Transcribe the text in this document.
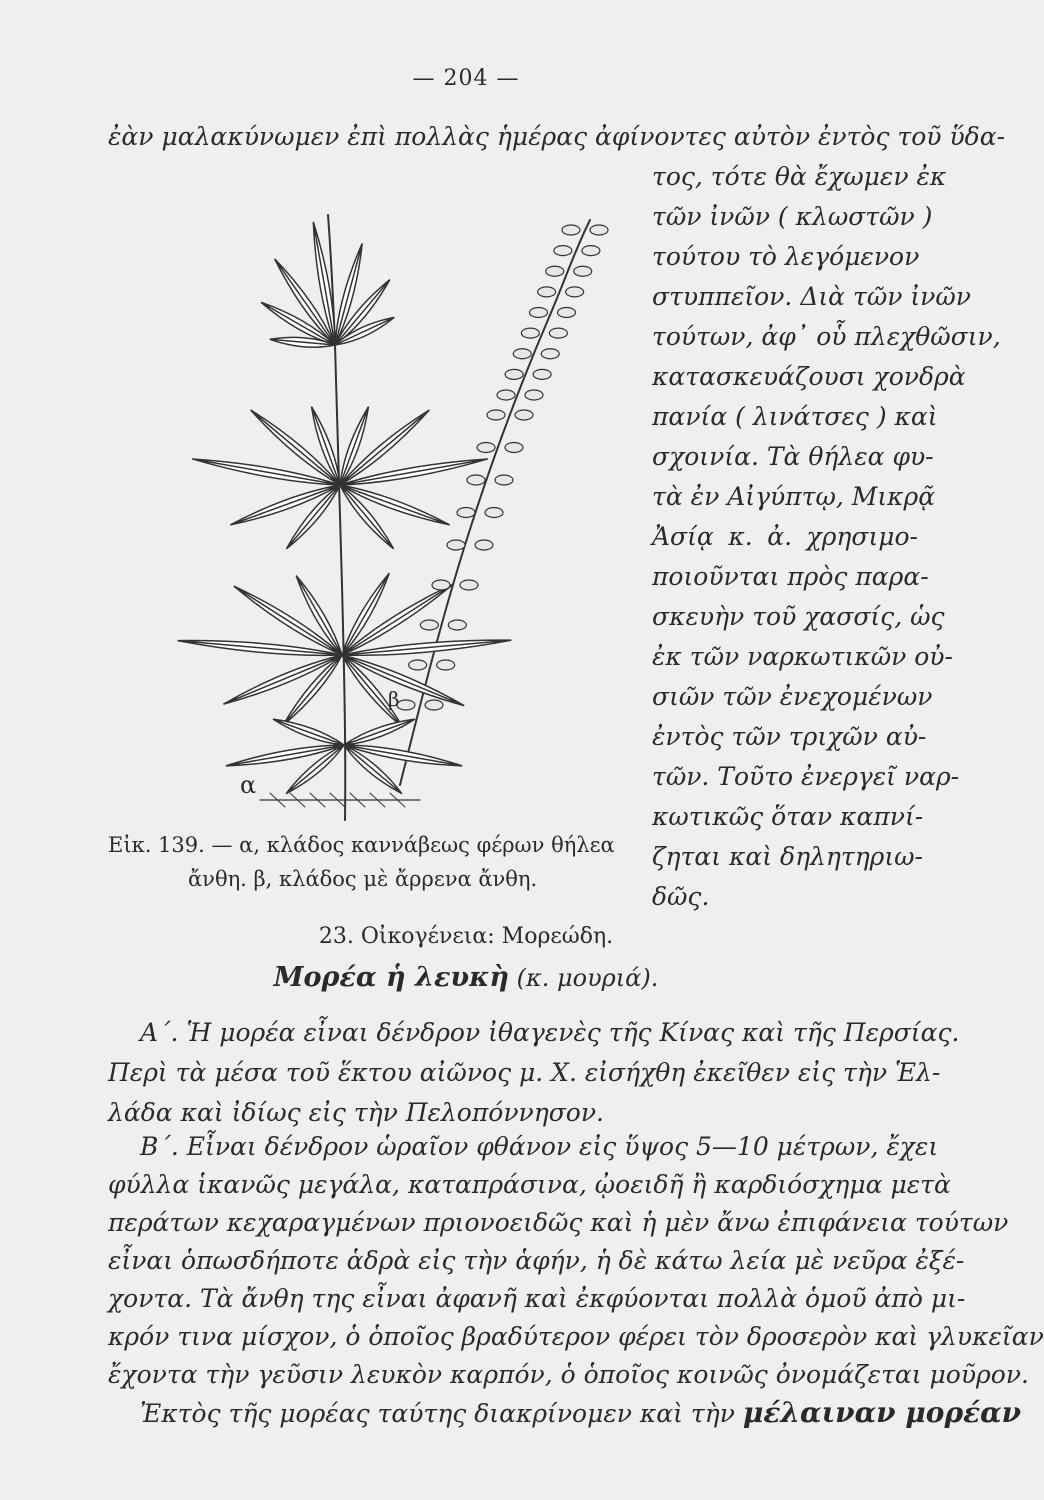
— 204 —
ἐὰν μαλακύνωμεν ἐπὶ πολλὰς ἡμέρας ἀφίνοντες αὐτὸν ἐντὸς τοῦ ὕδα-
τος, τότε θὰ ἔχωμεν ἐκ
τῶν ἰνῶν ( κλωστῶν )
τούτου τὸ λεγόμενον
στυππεῖον. Διὰ τῶν ἰνῶν
τούτων, ἀφ᾽ οὗ πλεχθῶσιν,
κατασκευάζουσι χονδρὰ
πανία ( λινάτσες ) καὶ
σχοινία. Τὰ θήλεα φυ-
τὰ ἐν Αἰγύπτῳ, Μικρᾷ
Ἀσίᾳ κ. ἀ. χρησιμο-
ποιοῦνται πρὸς παρα-
σκευὴν τοῦ χασσίς, ὡς
ἐκ τῶν ναρκωτικῶν οὐ-
σιῶν τῶν ἐνεχομένων
ἐντὸς τῶν τριχῶν αὐ-
τῶν. Τοῦτο ἐνεργεῖ ναρ-
κωτικῶς ὅταν καπνί-
ζηται καὶ δηλητηριω-
δῶς.
α
β
Εἰκ. 139. — α, κλάδος καννάβεως φέρων θήλεα
ἄνθη. β, κλάδος μὲ ἄρρενα ἄνθη.
23. Οἰκογένεια: Μορεώδη.
Μορέα ἡ λευκὴ (κ. μουριά).
Α΄. Ἡ μορέα εἶναι δένδρον ἰθαγενὲς τῆς Κίνας καὶ τῆς Περσίας.
Περὶ τὰ μέσα τοῦ ἕκτου αἰῶνος μ. Χ. εἰσήχθη ἐκεῖθεν εἰς τὴν Ἑλ-
λάδα καὶ ἰδίως εἰς τὴν Πελοπόννησον.
Β΄. Εἶναι δένδρον ὡραῖον φθάνον εἰς ὕψος 5—10 μέτρων, ἔχει
φύλλα ἱκανῶς μεγάλα, καταπράσινα, ᾠοειδῆ ἢ καρδιόσχημα μετὰ
περάτων κεχαραγμένων πριονοειδῶς καὶ ἡ μὲν ἄνω ἐπιφάνεια τούτων
εἶναι ὁπωσδήποτε ἁδρὰ εἰς τὴν ἁφήν, ἡ δὲ κάτω λεία μὲ νεῦρα ἐξέ-
χοντα. Τὰ ἄνθη της εἶναι ἀφανῆ καὶ ἐκφύονται πολλὰ ὁμοῦ ἀπὸ μι-
κρόν τινα μίσχον, ὁ ὁποῖος βραδύτερον φέρει τὸν δροσερὸν καὶ γλυκεῖαν
ἔχοντα τὴν γεῦσιν λευκὸν καρπόν, ὁ ὁποῖος κοινῶς ὀνομάζεται μοῦρον.
Ἐκτὸς τῆς μορέας ταύτης διακρίνομεν καὶ τὴν μέλαιναν μορέαν
